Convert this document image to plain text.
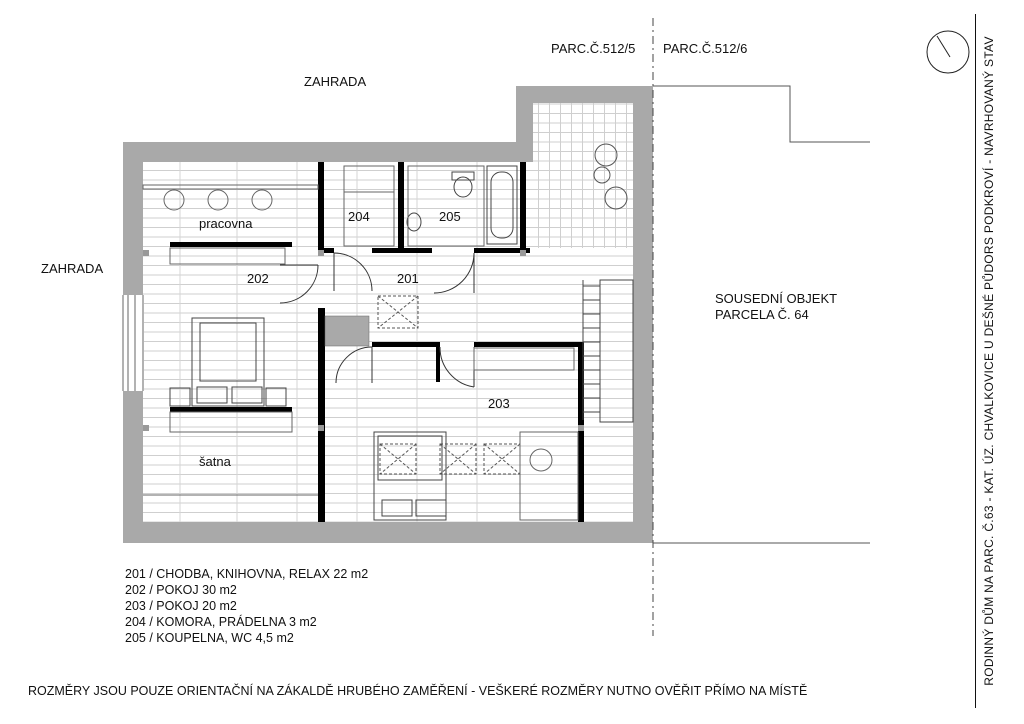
ZAHRADA
ZAHRADA
PARC.Č.512/5 PARC.Č.512/6
SOUSEDNÍ OBJEKT
PARCELA Č. 64
201
202
203
204	205
pracovna
šatna
201 / CHODBA, KNIHOVNA, RELAX 22 m2
202 / POKOJ 30 m2
203 / POKOJ 20 m2
204 / KOMORA, PRÁDELNA 3 m2
205 / KOUPELNA, WC 4,5 m2
ROZMĚRY JSOU POUZE ORIENTAČNÍ NA ZÁKALDĚ HRUBÉHO ZAMĚŘENÍ - VEŠKERÉ ROZMĚRY NUTNO OVĚŘIT PŘÍMO NA MÍSTĚ
RODINNÝ DŮM NA PARC. Č.63 - KAT. ÚZ. CHVALKOVICE U DEŠNÉ PŮDORS PODKROVÍ - NAVRHOVANÝ STAV
